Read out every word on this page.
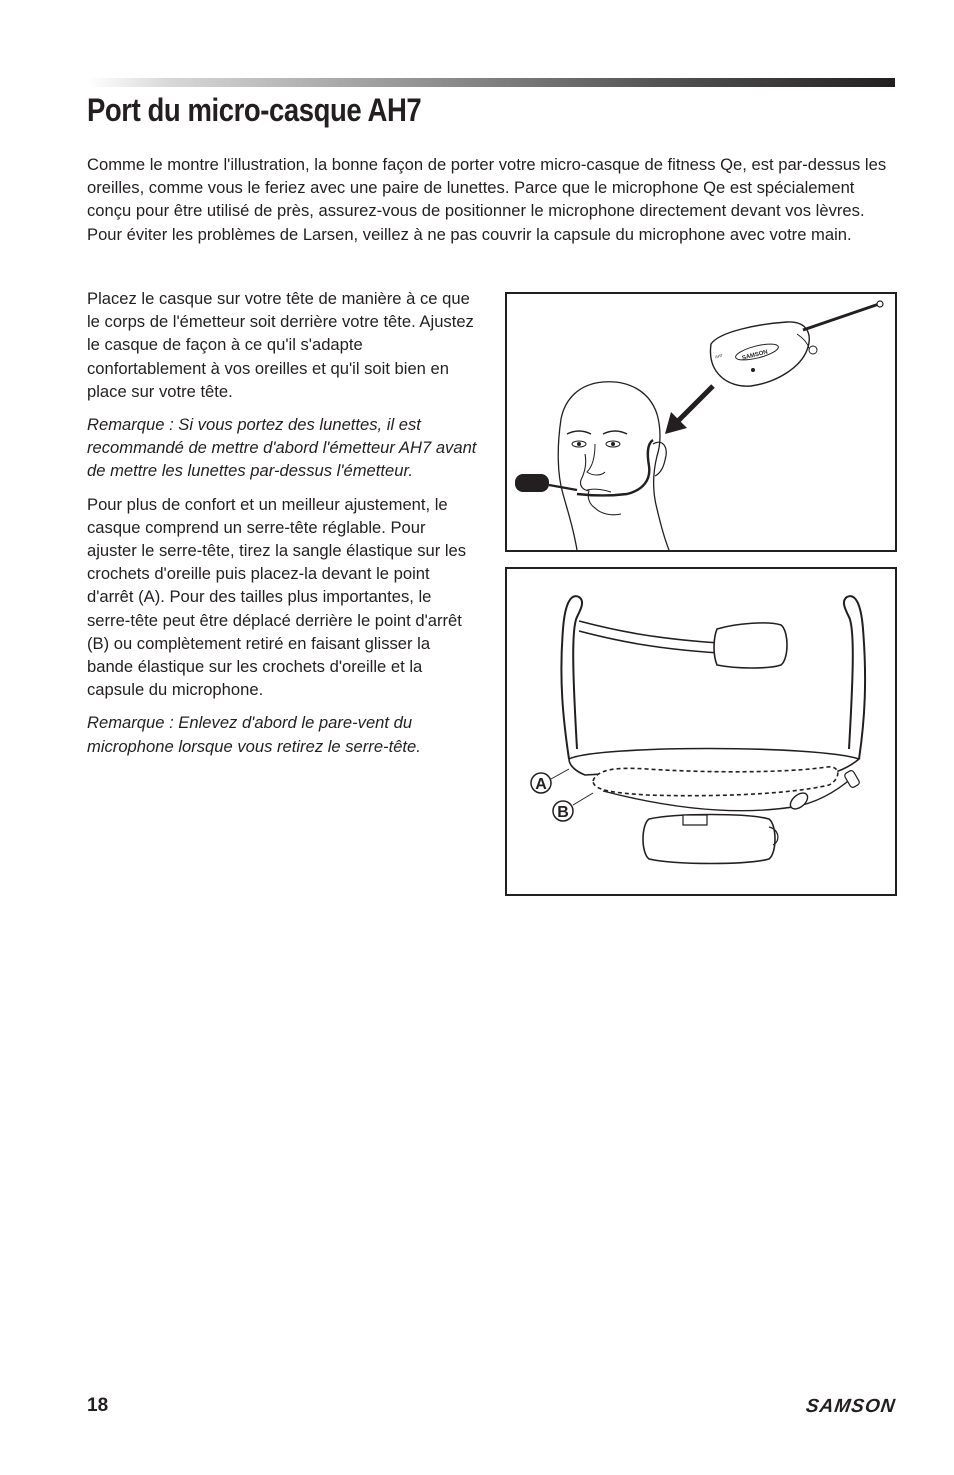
Port du micro-casque AH7

Comme le montre l'illustration, la bonne façon de porter votre micro-casque de fitness Qe, est par-dessus les oreilles, comme vous le feriez avec une paire de lunettes. Parce que le microphone Qe est spécialement conçu pour être utilisé de près, assurez-vous de positionner le microphone directement devant vos lèvres. Pour éviter les problèmes de Larsen, veillez à ne pas couvrir la capsule du microphone avec votre main.

Placez le casque sur votre tête de manière à ce que le corps de l'émetteur soit derrière votre tête. Ajustez le casque de façon à ce qu'il s'adapte confortablement à vos oreilles et qu'il soit bien en place sur votre tête.

Remarque : Si vous portez des lunettes, il est recommandé de mettre d'abord l'émetteur AH7 avant de mettre les lunettes par-dessus l'émetteur.

Pour plus de confort et un meilleur ajustement, le casque comprend un serre-tête réglable. Pour ajuster le serre-tête, tirez la sangle élastique sur les crochets d'oreille puis placez-la devant le point d'arrêt (A). Pour des tailles plus importantes, le serre-tête peut être déplacé derrière le point d'arrêt (B) ou complètement retiré en faisant glisser la bande élastique sur les crochets d'oreille et la capsule du microphone.

Remarque : Enlevez d'abord le pare-vent du microphone lorsque vous retirez le serre-tête.

SAMSON
AH7
A
B
18	SAMSON
